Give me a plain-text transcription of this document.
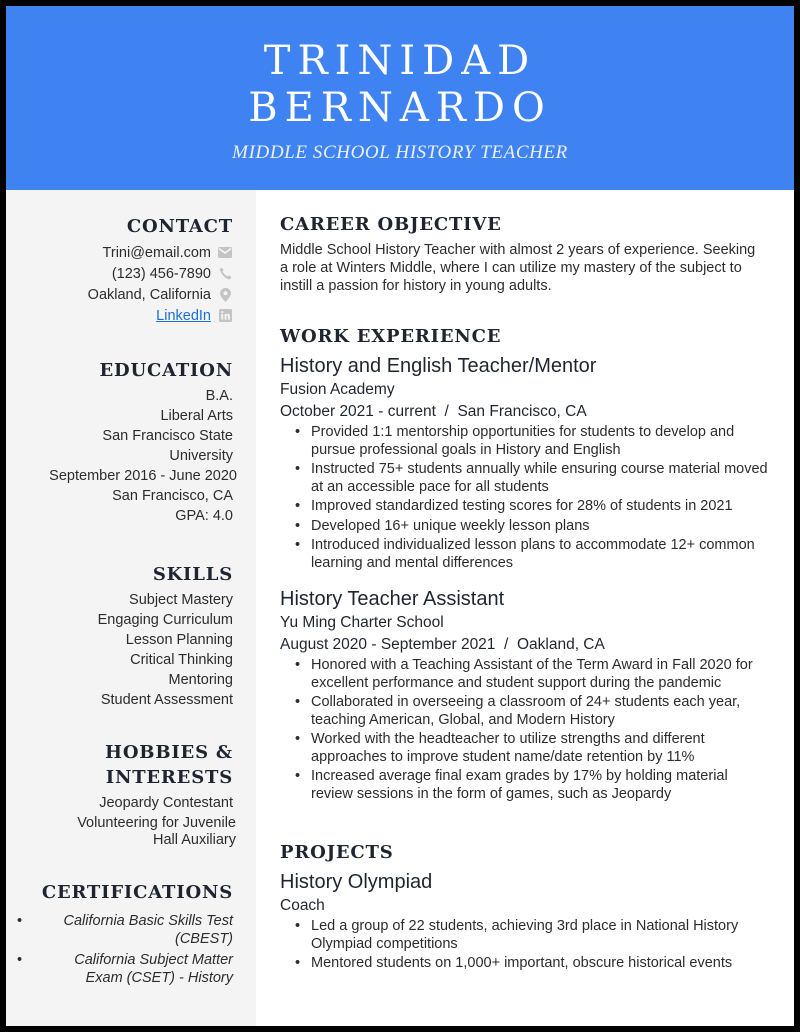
TRINIDAD
BERNARDO
MIDDLE SCHOOL HISTORY TEACHER
CONTACT
Trini@email.com
(123) 456-7890
Oakland, California
LinkedIn
EDUCATION
B.A.
Liberal Arts
San Francisco State University
September 2016 - June 2020
San Francisco, CA
GPA: 4.0
SKILLS
Subject Mastery
Engaging Curriculum
Lesson Planning
Critical Thinking
Mentoring
Student Assessment
HOBBIES &
INTERESTS
Jeopardy Contestant
Volunteering for Juvenile Hall Auxiliary
CERTIFICATIONS
• California Basic Skills Test (CBEST)
• California Subject Matter Exam (CSET) - History
CAREER OBJECTIVE
Middle School History Teacher with almost 2 years of experience. Seeking a role at Winters Middle, where I can utilize my mastery of the subject to instill a passion for history in young adults.
WORK EXPERIENCE
History and English Teacher/Mentor
Fusion Academy
October 2021 - current  /  San Francisco, CA
• Provided 1:1 mentorship opportunities for students to develop and pursue professional goals in History and English
• Instructed 75+ students annually while ensuring course material moved at an accessible pace for all students
• Improved standardized testing scores for 28% of students in 2021
• Developed 16+ unique weekly lesson plans
• Introduced individualized lesson plans to accommodate 12+ common learning and mental differences
History Teacher Assistant
Yu Ming Charter School
August 2020 - September 2021  /  Oakland, CA
• Honored with a Teaching Assistant of the Term Award in Fall 2020 for excellent performance and student support during the pandemic
• Collaborated in overseeing a classroom of 24+ students each year, teaching American, Global, and Modern History
• Worked with the headteacher to utilize strengths and different approaches to improve student name/date retention by 11%
• Increased average final exam grades by 17% by holding material review sessions in the form of games, such as Jeopardy
PROJECTS
History Olympiad
Coach
• Led a group of 22 students, achieving 3rd place in National History Olympiad competitions
• Mentored students on 1,000+ important, obscure historical events
